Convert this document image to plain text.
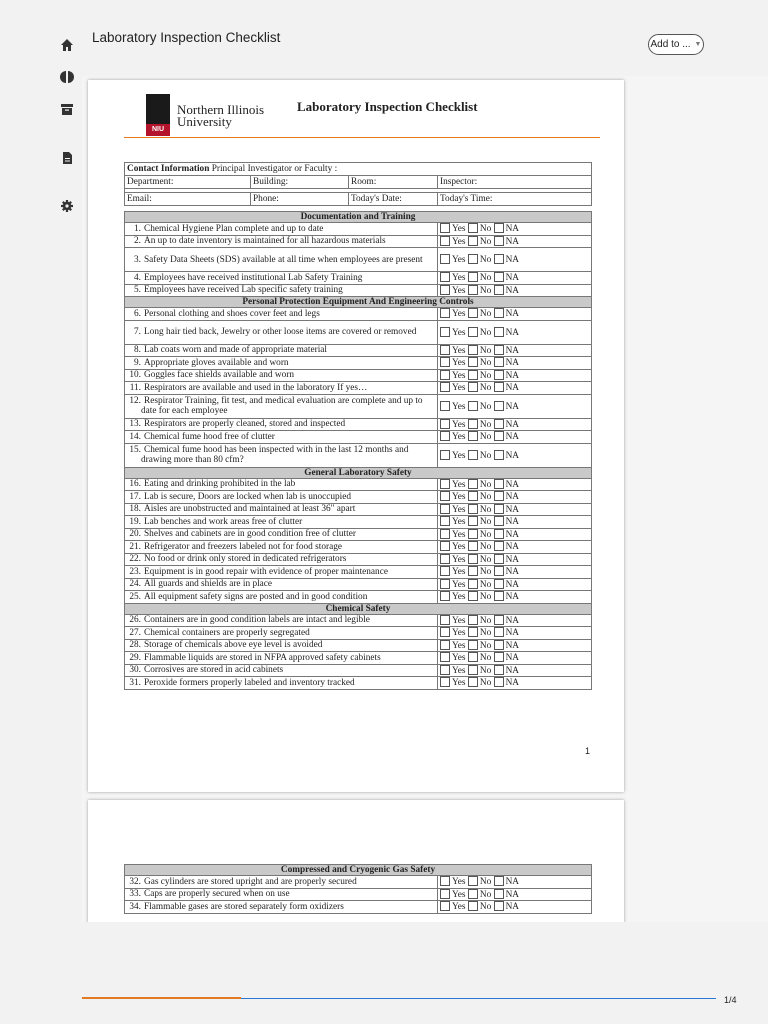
Laboratory Inspection Checklist	Add to ... ▼
NIU
Northern Illinois University
Laboratory Inspection Checklist
Contact Information Principal Investigator or Faculty :			
Department:	Building:	Room:	Inspector:

Email:	Phone:	Today's Date:	Today's Time:
Documentation and Training	
1. Chemical Hygiene Plan complete and up to date	Yes No NA
2. An up to date inventory is maintained for all hazardous materials	Yes No NA
3. Safety Data Sheets (SDS) available at all time when employees are present	Yes No NA
4. Employees have received institutional Lab Safety Training	Yes No NA
5. Employees have received Lab specific safety training	Yes No NA
Personal Protection Equipment And Engineering Controls	
6. Personal clothing and shoes cover feet and legs	Yes No NA
7. Long hair tied back, Jewelry or other loose items are covered or removed	Yes No NA
8. Lab coats worn and made of appropriate material	Yes No NA
9. Appropriate gloves available and worn	Yes No NA
10. Goggles face shields available and worn	Yes No NA
11. Respirators are available and used in the laboratory If yes…	Yes No NA
12. Respirator Training, fit test, and medical evaluation are complete and up to date for each employee	Yes No NA
13. Respirators are properly cleaned, stored and inspected	Yes No NA
14. Chemical fume hood free of clutter	Yes No NA
15. Chemical fume hood has been inspected with in the last 12 months and drawing more than 80 cfm?	Yes No NA
General Laboratory Safety	
16. Eating and drinking prohibited in the lab	Yes No NA
17. Lab is secure, Doors are locked when lab is unoccupied	Yes No NA
18. Aisles are unobstructed and maintained at least 36" apart	Yes No NA
19. Lab benches and work areas free of clutter	Yes No NA
20. Shelves and cabinets are in good condition free of clutter	Yes No NA
21. Refrigerator and freezers labeled not for food storage	Yes No NA
22. No food or drink only stored in dedicated refrigerators	Yes No NA
23. Equipment is in good repair with evidence of proper maintenance	Yes No NA
24. All guards and shields are in place	Yes No NA
25. All equipment safety signs are posted and in good condition	Yes No NA
Chemical Safety	
26. Containers are in good condition labels are intact and legible	Yes No NA
27. Chemical containers are properly segregated	Yes No NA
28. Storage of chemicals above eye level is avoided	Yes No NA
29. Flammable liquids are stored in NFPA approved safety cabinets	Yes No NA
30. Corrosives are stored in acid cabinets	Yes No NA
31. Peroxide formers properly labeled and inventory tracked	Yes No NA
1
Compressed and Cryogenic Gas Safety	
32. Gas cylinders are stored upright and are properly secured	Yes No NA
33. Caps are properly secured when on use	Yes No NA
34. Flammable gases are stored separately form oxidizers	Yes No NA
1/4
